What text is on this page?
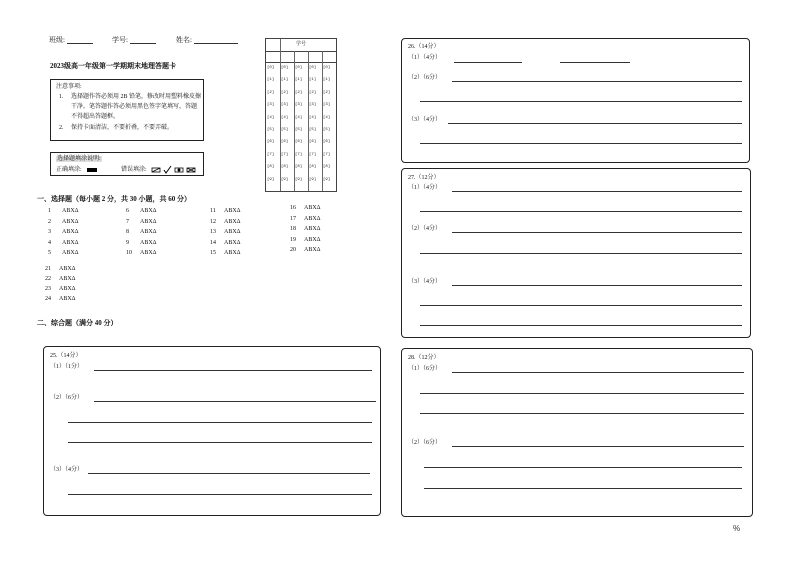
班级:	学号:	姓名:
2023级高一年级第一学期期末地理答题卡
注意事项:
1. 选择题作答必须用 2B 铅笔，修改时用塑料橡皮擦
干净。笔答题作答必须用黑色签字笔填写，答题
不得超出答题框。
2. 保持卡面清洁，不要折叠，不要弄破。
选择题填涂说明:
正确填涂:	错误填涂:
学号
[0] [0] [0] [0] [0]
[1] [1] [1] [1] [1]
[2] [2] [2] [2] [2]
[3] [3] [3] [3] [3]
[4] [4] [4] [4] [4]
[5] [5] [5] [5] [5]
[6] [6] [6] [6] [6]
[7] [7] [7] [7] [7]
[8] [8] [8] [8] [8]
[9] [9] [9] [9] [9]
一、选择题（每小题 2 分，共 30 小题，共 60 分）
1 ABXΔ
2 ABXΔ
3 ABXΔ
4 ABXΔ
5 ABXΔ
6 ABXΔ
7 ABXΔ
8 ABXΔ
9 ABXΔ
10 ABXΔ
11 ABXΔ
12 ABXΔ
13 ABXΔ
14 ABXΔ
15 ABXΔ
16 ABXΔ
17 ABXΔ
18 ABXΔ
19 ABXΔ
20 ABXΔ
21 ABXΔ
22 ABXΔ
23 ABXΔ
24 ABXΔ
二、综合题（满分 40 分）
25.（14分）
（1）（1分）
（2）（6分）
（3）（4分）
26.（14分）
（1）（4分）
（2）（6分）
（3）（4分）
27.（12分）
（1）（4分）
（2）（4分）
（3）（4分）
28.（12分）
（1）（6分）
（2）（6分）
%
